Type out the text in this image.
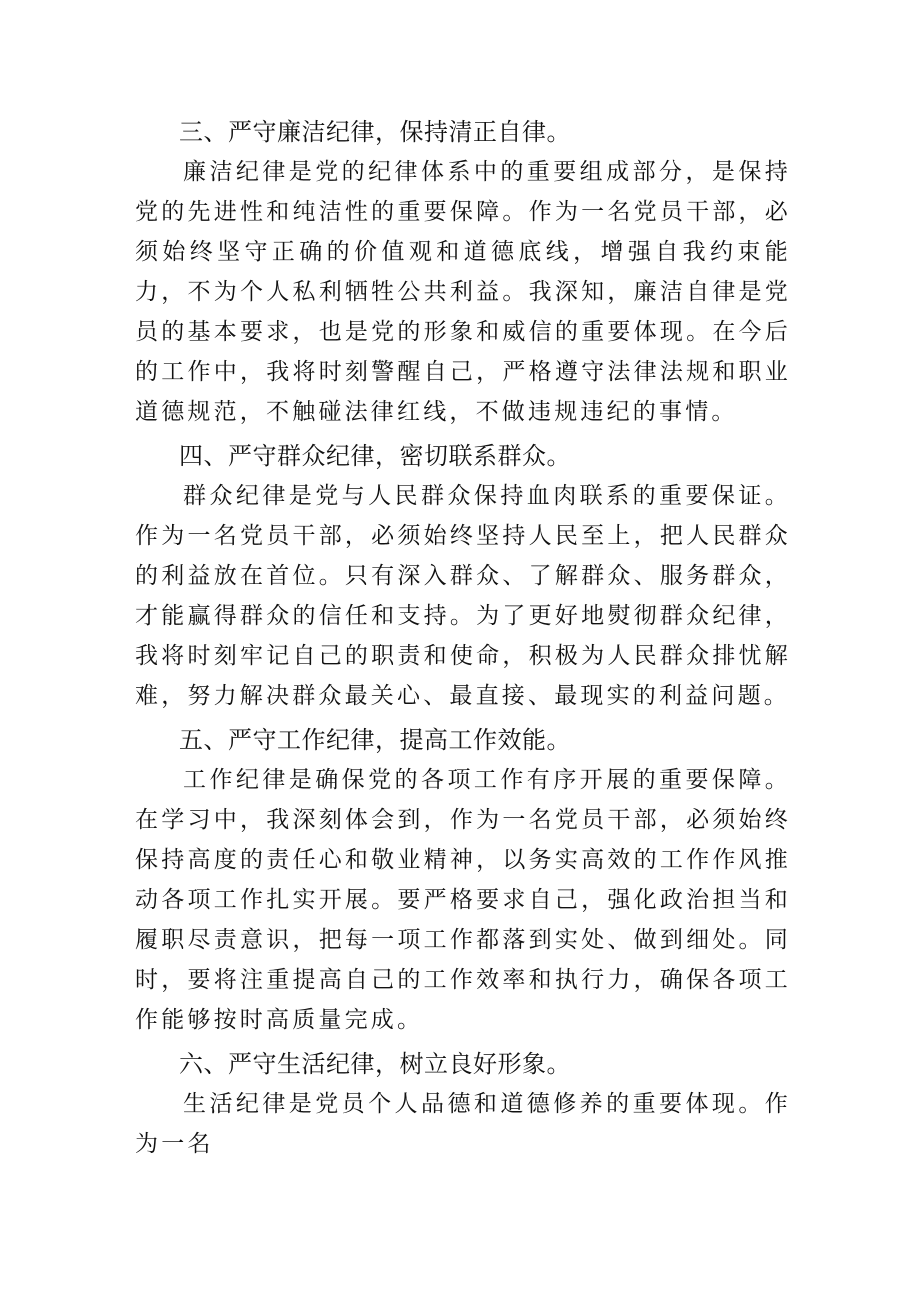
三、严守廉洁纪律，保持清正自律。

廉洁纪律是党的纪律体系中的重要组成部分，是保持党的先进性和纯洁性的重要保障。作为一名党员干部，必须始终坚守正确的价值观和道德底线，增强自我约束能力，不为个人私利牺牲公共利益。我深知，廉洁自律是党员的基本要求，也是党的形象和威信的重要体现。在今后的工作中，我将时刻警醒自己，严格遵守法律法规和职业道德规范，不触碰法律红线，不做违规违纪的事情。

四、严守群众纪律，密切联系群众。

群众纪律是党与人民群众保持血肉联系的重要保证。作为一名党员干部，必须始终坚持人民至上，把人民群众的利益放在首位。只有深入群众、了解群众、服务群众，才能赢得群众的信任和支持。为了更好地熨彻群众纪律，我将时刻牢记自己的职责和使命，积极为人民群众排忧解难，努力解决群众最关心、最直接、最现实的利益问题。

五、严守工作纪律，提高工作效能。

工作纪律是确保党的各项工作有序开展的重要保障。在学习中，我深刻体会到，作为一名党员干部，必须始终保持高度的责任心和敬业精神，以务实高效的工作作风推动各项工作扎实开展。要严格要求自己，强化政治担当和履职尽责意识，把每一项工作都落到实处、做到细处。同时，要将注重提高自己的工作效率和执行力，确保各项工作能够按时高质量完成。

六、严守生活纪律，树立良好形象。

生活纪律是党员个人品德和道德修养的重要体现。作为一名
